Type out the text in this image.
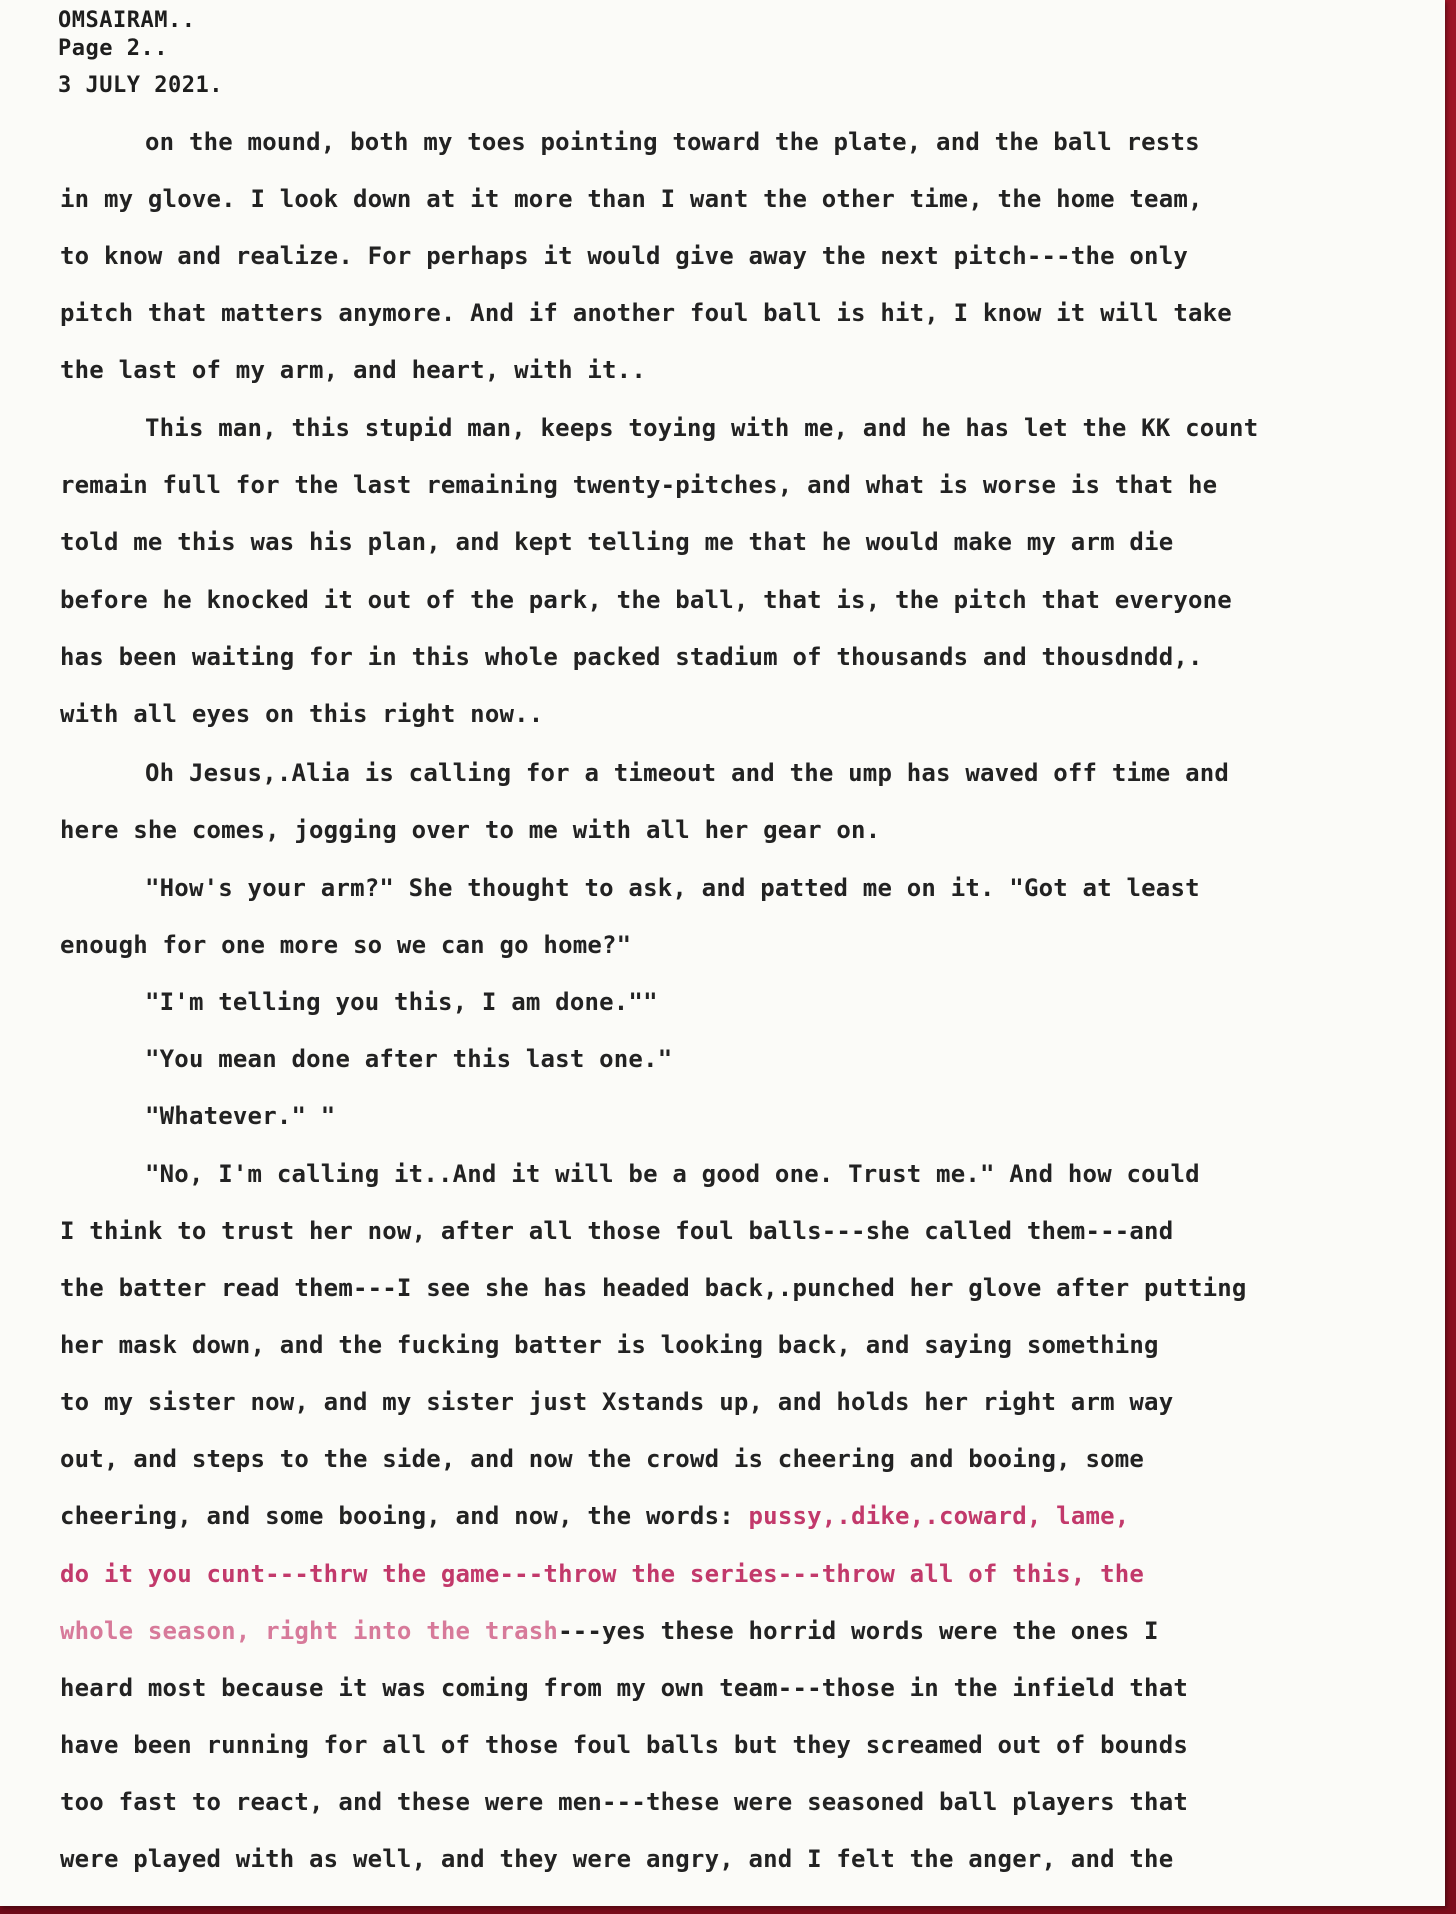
OMSAIRAM..
Page 2..
3 JULY 2021.
on the mound, both my toes pointing toward the plate, and the ball rests
in my glove. I look down at it more than I want the other time, the home team,
to know and realize. For perhaps it would give away the next pitch---the only
pitch that matters anymore. And if another foul ball is hit, I know it will take
the last of my arm, and heart, with it..
This man, this stupid man, keeps toying with me, and he has let the KK count
remain full for the last remaining twenty-pitches, and what is worse is that he
told me this was his plan, and kept telling me that he would make my arm die
before he knocked it out of the park, the ball, that is, the pitch that everyone
has been waiting for in this whole packed stadium of thousands and thousdndd,.
with all eyes on this right now..
Oh Jesus,.Alia is calling for a timeout and the ump has waved off time and
here she comes, jogging over to me with all her gear on.
"How's your arm?" She thought to ask, and patted me on it. "Got at least
enough for one more so we can go home?"
"I'm telling you this, I am done.""
"You mean done after this last one."
"Whatever." "
"No, I'm calling it..And it will be a good one. Trust me." And how could
I think to trust her now, after all those foul balls---she called them---and
the batter read them---I see she has headed back,.punched her glove after putting
her mask down, and the fucking batter is looking back, and saying something
to my sister now, and my sister just Xstands up, and holds her right arm way
out, and steps to the side, and now the crowd is cheering and booing, some
cheering, and some booing, and now, the words: pussy,.dike,.coward, lame,
do it you cunt---thrw the game---throw the series---throw all of this, the
whole season, right into the trash---yes these horrid words were the ones I
heard most because it was coming from my own team---those in the infield that
have been running for all of those foul balls but they screamed out of bounds
too fast to react, and these were men---these were seasoned ball players that
were played with as well, and they were angry, and I felt the anger, and the
